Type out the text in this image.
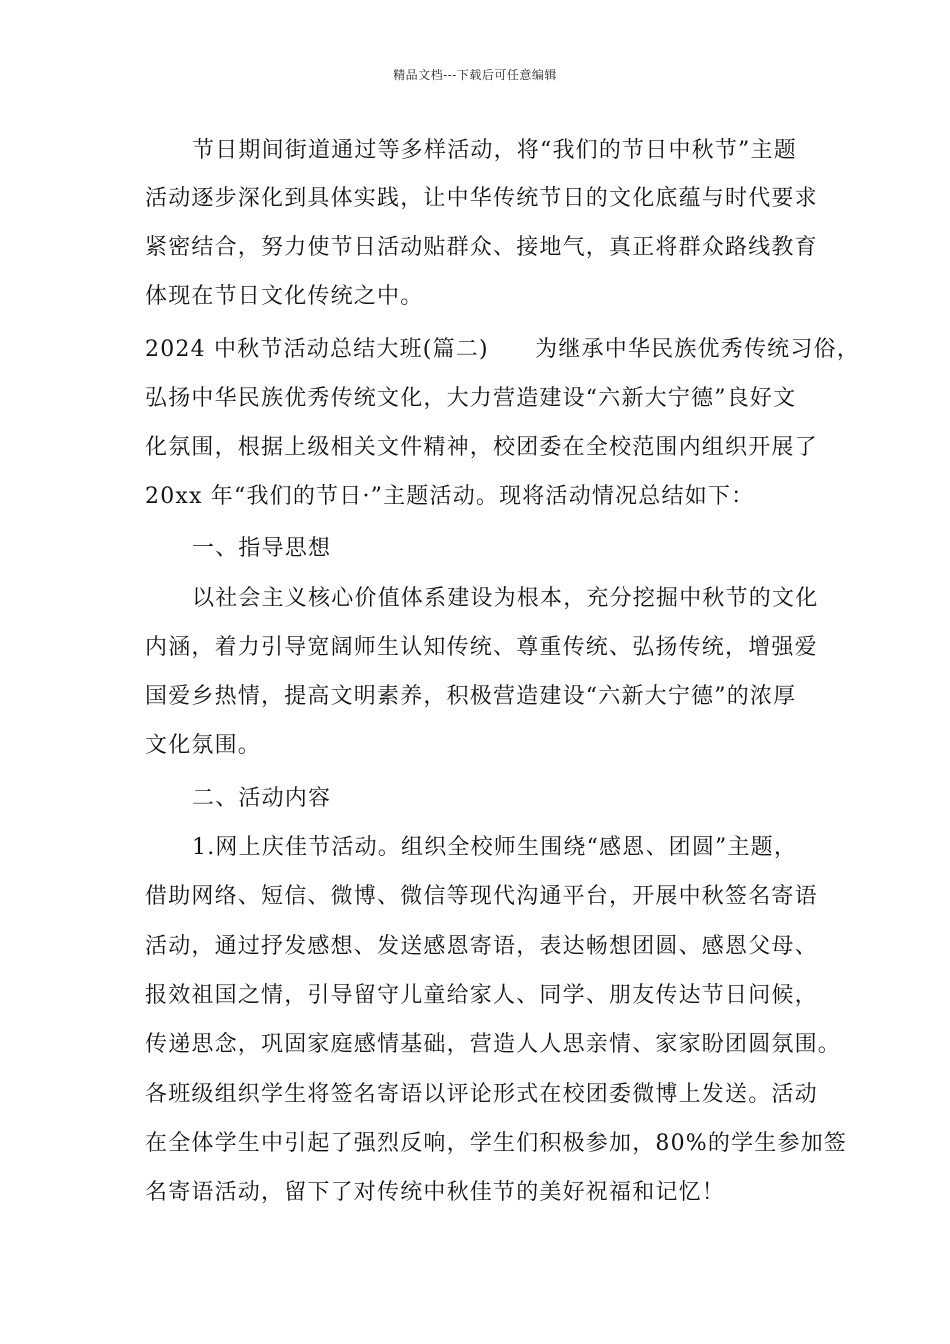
精品文档---下载后可任意编辑
节日期间街道通过等多样活动，将“我们的节日中秋节”主题
活动逐步深化到具体实践，让中华传统节日的文化底蕴与时代要求
紧密结合，努力使节日活动贴群众、接地气，真正将群众路线教育
体现在节日文化传统之中。
2024 中秋节活动总结大班(篇二)　　为继承中华民族优秀传统习俗，
弘扬中华民族优秀传统文化，大力营造建设“六新大宁德”良好文
化氛围，根据上级相关文件精神，校团委在全校范围内组织开展了
20xx 年“我们的节日·”主题活动。现将活动情况总结如下：
一、指导思想
以社会主义核心价值体系建设为根本，充分挖掘中秋节的文化
内涵，着力引导宽阔师生认知传统、尊重传统、弘扬传统，增强爱
国爱乡热情，提高文明素养，积极营造建设“六新大宁德”的浓厚
文化氛围。
二、活动内容
1.网上庆佳节活动。组织全校师生围绕“感恩、团圆”主题，
借助网络、短信、微博、微信等现代沟通平台，开展中秋签名寄语
活动，通过抒发感想、发送感恩寄语，表达畅想团圆、感恩父母、
报效祖国之情，引导留守儿童给家人、同学、朋友传达节日问候，
传递思念，巩固家庭感情基础，营造人人思亲情、家家盼团圆氛围。
各班级组织学生将签名寄语以评论形式在校团委微博上发送。活动
在全体学生中引起了强烈反响，学生们积极参加，80%的学生参加签
名寄语活动，留下了对传统中秋佳节的美好祝福和记忆！
